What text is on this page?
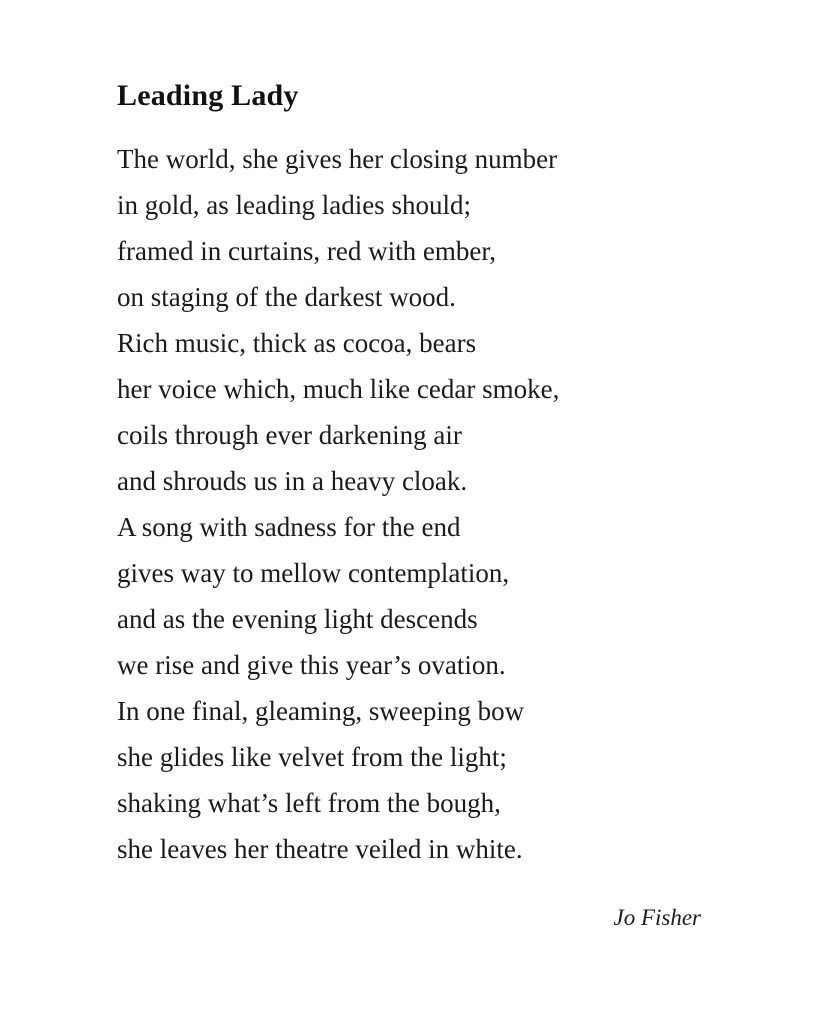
Leading Lady
The world, she gives her closing number
in gold, as leading ladies should;
framed in curtains, red with ember,
on staging of the darkest wood.
Rich music, thick as cocoa, bears
her voice which, much like cedar smoke,
coils through ever darkening air
and shrouds us in a heavy cloak.
A song with sadness for the end
gives way to mellow contemplation,
and as the evening light descends
we rise and give this year’s ovation.
In one final, gleaming, sweeping bow
she glides like velvet from the light;
shaking what’s left from the bough,
she leaves her theatre veiled in white.
Jo Fisher
